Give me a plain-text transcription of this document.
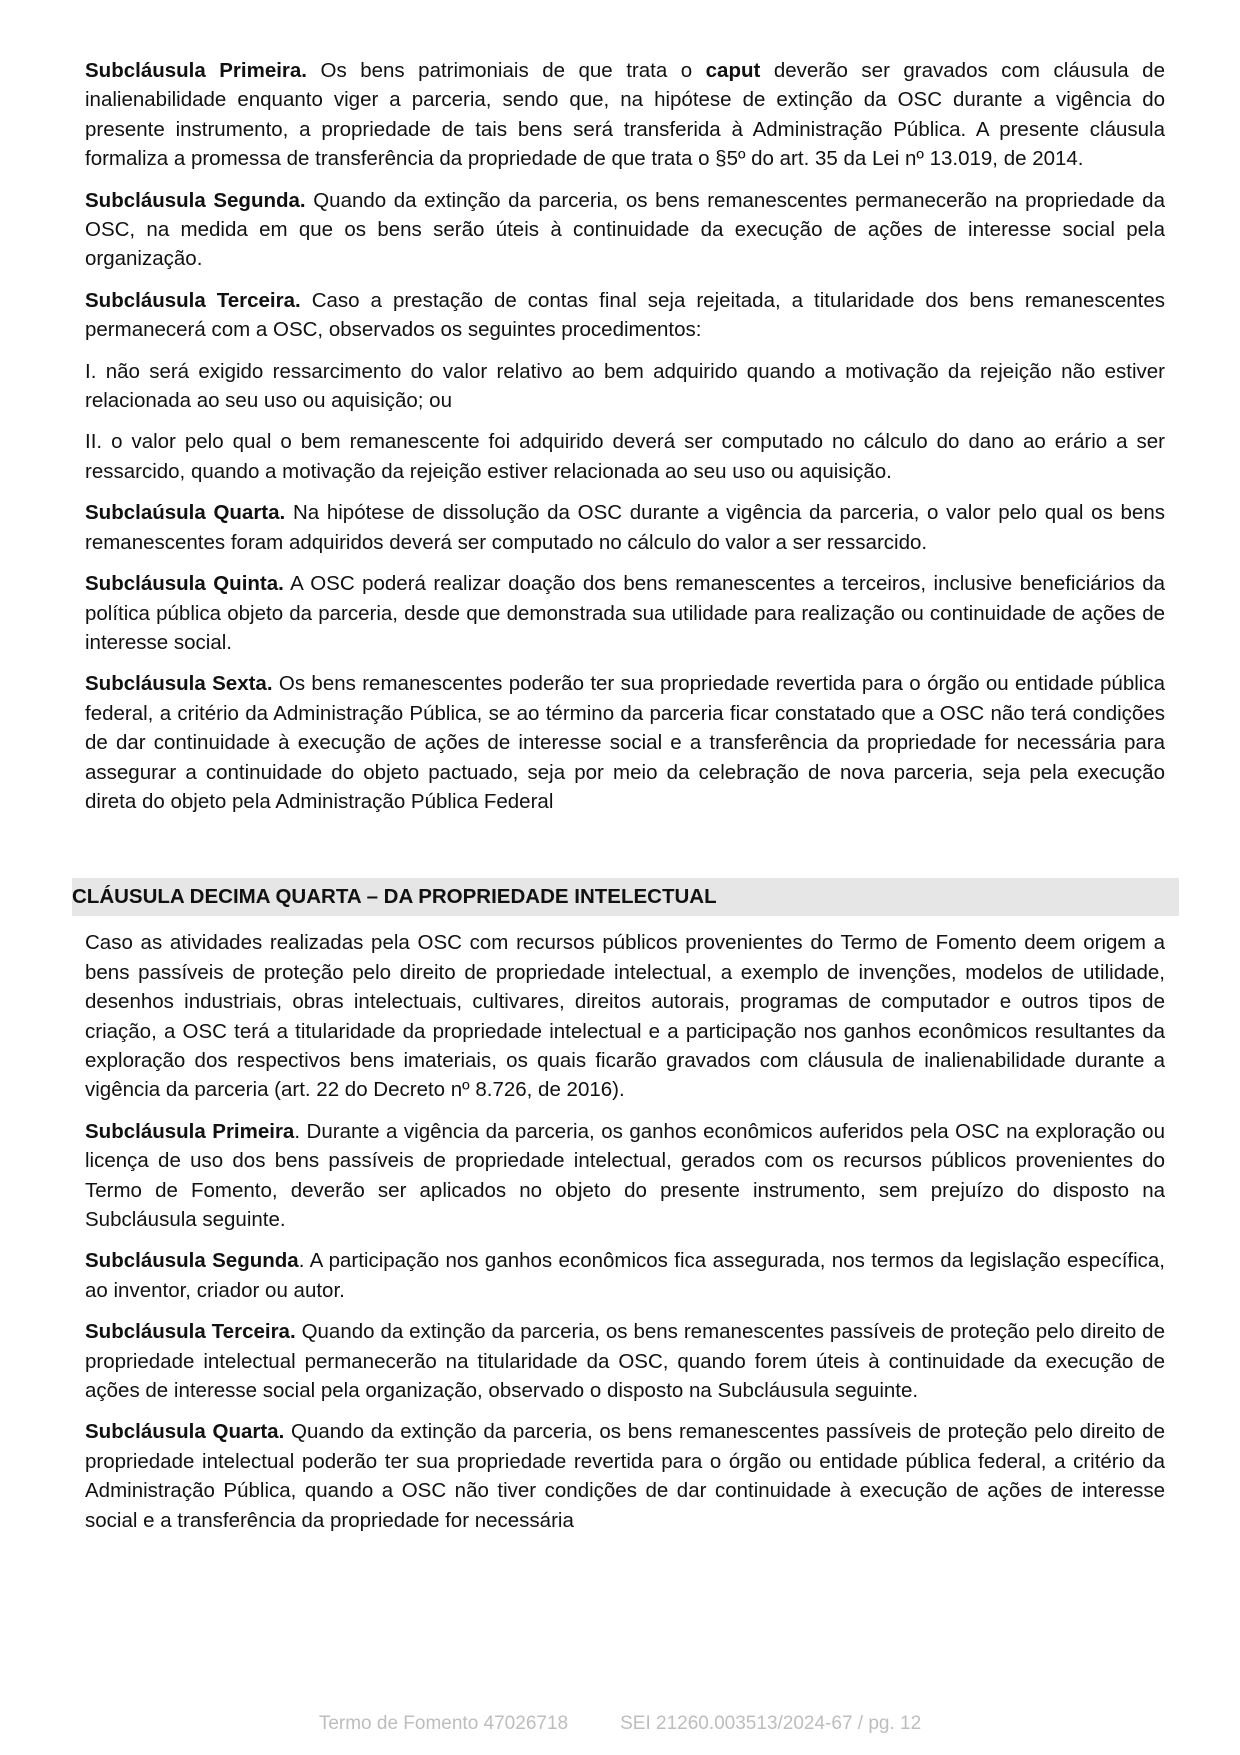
Subcláusula Primeira. Os bens patrimoniais de que trata o caput deverão ser gravados com cláusula de inalienabilidade enquanto viger a parceria, sendo que, na hipótese de extinção da OSC durante a vigência do presente instrumento, a propriedade de tais bens será transferida à Administração Pública. A presente cláusula formaliza a promessa de transferência da propriedade de que trata o §5º do art. 35 da Lei nº 13.019, de 2014.

Subcláusula Segunda. Quando da extinção da parceria, os bens remanescentes permanecerão na propriedade da OSC, na medida em que os bens serão úteis à continuidade da execução de ações de interesse social pela organização.

Subcláusula Terceira. Caso a prestação de contas final seja rejeitada, a titularidade dos bens remanescentes permanecerá com a OSC, observados os seguintes procedimentos:

I. não será exigido ressarcimento do valor relativo ao bem adquirido quando a motivação da rejeição não estiver relacionada ao seu uso ou aquisição; ou

II. o valor pelo qual o bem remanescente foi adquirido deverá ser computado no cálculo do dano ao erário a ser ressarcido, quando a motivação da rejeição estiver relacionada ao seu uso ou aquisição.

Subclaúsula Quarta. Na hipótese de dissolução da OSC durante a vigência da parceria, o valor pelo qual os bens remanescentes foram adquiridos deverá ser computado no cálculo do valor a ser ressarcido.

Subcláusula Quinta. A OSC poderá realizar doação dos bens remanescentes a terceiros, inclusive beneficiários da política pública objeto da parceria, desde que demonstrada sua utilidade para realização ou continuidade de ações de interesse social.

Subcláusula Sexta. Os bens remanescentes poderão ter sua propriedade revertida para o órgão ou entidade pública federal, a critério da Administração Pública, se ao término da parceria ficar constatado que a OSC não terá condições de dar continuidade à execução de ações de interesse social e a transferência da propriedade for necessária para assegurar a continuidade do objeto pactuado, seja por meio da celebração de nova parceria, seja pela execução direta do objeto pela Administração Pública Federal

CLÁUSULA DECIMA QUARTA – DA PROPRIEDADE INTELECTUAL

Caso as atividades realizadas pela OSC com recursos públicos provenientes do Termo de Fomento deem origem a bens passíveis de proteção pelo direito de propriedade intelectual, a exemplo de invenções, modelos de utilidade, desenhos industriais, obras intelectuais, cultivares, direitos autorais, programas de computador e outros tipos de criação, a OSC terá a titularidade da propriedade intelectual e a participação nos ganhos econômicos resultantes da exploração dos respectivos bens imateriais, os quais ficarão gravados com cláusula de inalienabilidade durante a vigência da parceria (art. 22 do Decreto nº 8.726, de 2016).

Subcláusula Primeira. Durante a vigência da parceria, os ganhos econômicos auferidos pela OSC na exploração ou licença de uso dos bens passíveis de propriedade intelectual, gerados com os recursos públicos provenientes do Termo de Fomento, deverão ser aplicados no objeto do presente instrumento, sem prejuízo do disposto na Subcláusula seguinte.

Subcláusula Segunda. A participação nos ganhos econômicos fica assegurada, nos termos da legislação específica, ao inventor, criador ou autor.

Subcláusula Terceira. Quando da extinção da parceria, os bens remanescentes passíveis de proteção pelo direito de propriedade intelectual permanecerão na titularidade da OSC, quando forem úteis à continuidade da execução de ações de interesse social pela organização, observado o disposto na Subcláusula seguinte.

Subcláusula Quarta. Quando da extinção da parceria, os bens remanescentes passíveis de proteção pelo direito de propriedade intelectual poderão ter sua propriedade revertida para o órgão ou entidade pública federal, a critério da Administração Pública, quando a OSC não tiver condições de dar continuidade à execução de ações de interesse social e a transferência da propriedade for necessária

Termo de Fomento 47026718	SEI 21260.003513/2024-67 / pg. 12
